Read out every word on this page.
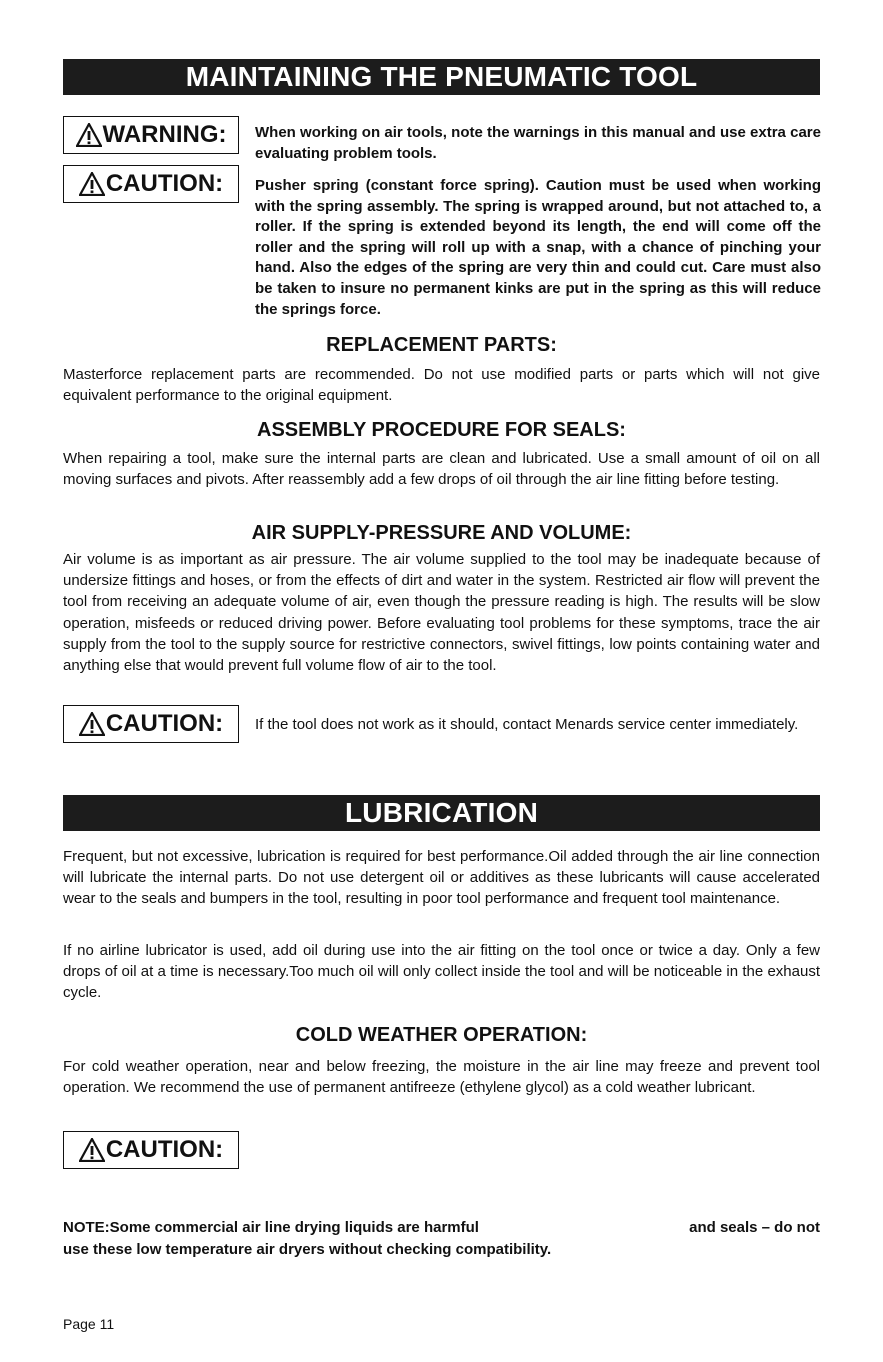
MAINTAINING THE PNEUMATIC TOOL
WARNING: When working on air tools, note the warnings in this manual and use extra care evaluating problem tools.
CAUTION: Pusher spring (constant force spring). Caution must be used when working with the spring assembly. The spring is wrapped around, but not attached to, a roller. If the spring is extended beyond its length, the end will come off the roller and the spring will roll up with a snap, with a chance of pinching your hand. Also the edges of the spring are very thin and could cut. Care must also be taken to insure no permanent kinks are put in the spring as this will reduce the springs force.
REPLACEMENT PARTS:
Masterforce replacement parts are recommended. Do not use modified parts or parts which will not give equivalent performance to the original equipment.
ASSEMBLY PROCEDURE FOR SEALS:
When repairing a tool, make sure the internal parts are clean and lubricated. Use a small amount of oil on all moving surfaces and pivots. After reassembly add a few drops of oil through the air line fitting before testing.
AIR SUPPLY-PRESSURE AND VOLUME:
Air volume is as important as air pressure. The air volume supplied to the tool may be inadequate because of undersize fittings and hoses, or from the effects of dirt and water in the system. Restricted air flow will prevent the tool from receiving an adequate volume of air, even though the pressure reading is high. The results will be slow operation, misfeeds or reduced driving power. Before evaluating tool problems for these symptoms, trace the air supply from the tool to the supply source for restrictive connectors, swivel fittings, low points containing water and anything else that would prevent full volume flow of air to the tool.
CAUTION: If the tool does not work as it should, contact Menards service center immediately.
LUBRICATION
Frequent, but not excessive, lubrication is required for best performance.Oil added through the air line connection will lubricate the internal parts. Do not use detergent oil or additives as these lubricants will cause accelerated wear to the seals and bumpers in the tool, resulting in poor tool performance and frequent tool maintenance.
If no airline lubricator is used, add oil during use into the air fitting on the tool once or twice a day. Only a few drops of oil at a time is necessary.Too much oil will only collect inside the tool and will be noticeable in the exhaust cycle.
COLD WEATHER OPERATION:
For cold weather operation, near and below freezing, the moisture in the air line may freeze and prevent tool operation. We recommend the use of permanent antifreeze (ethylene glycol) as a cold weather lubricant.
CAUTION:
NOTE:Some commercial air line drying liquids are harmful	and seals – do not
use these low temperature air dryers without checking compatibility.
Page 11
